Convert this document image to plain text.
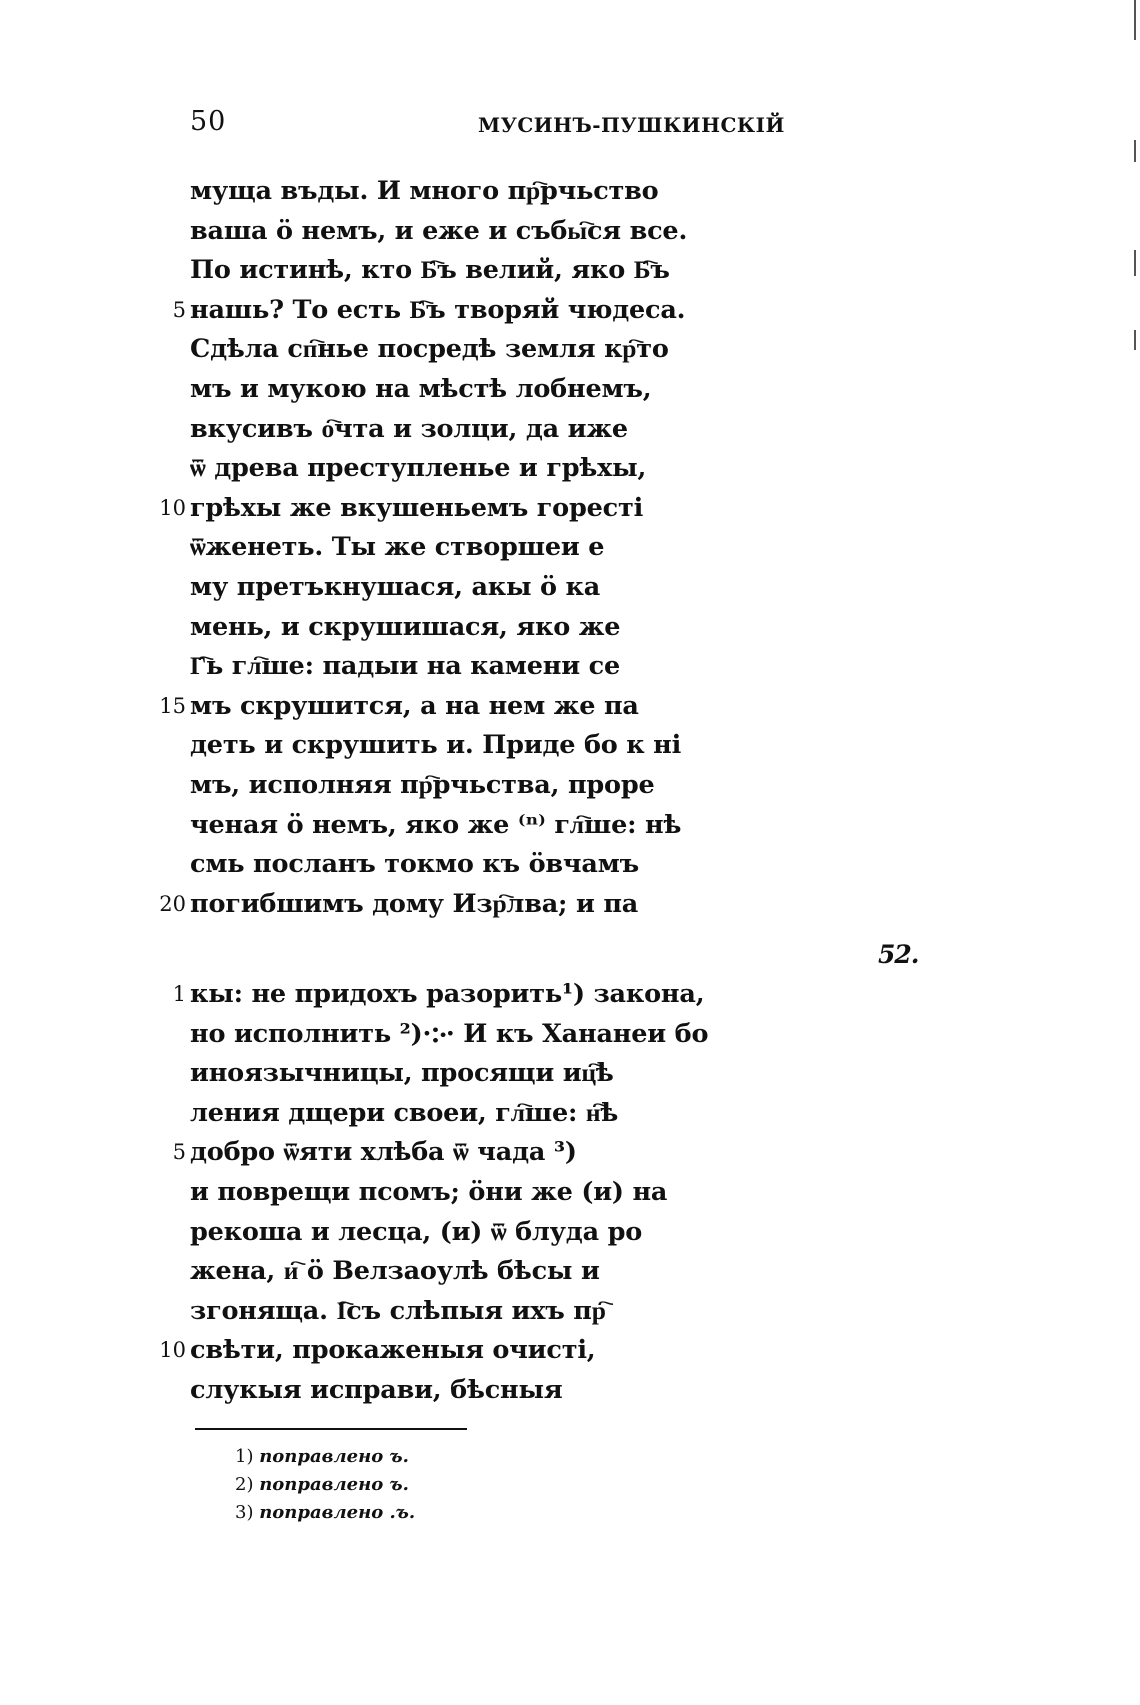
50	МУСИНЪ-ПУШКИНСКІЙ
муща въды. И много пр҇рчьство
ваша ӧ немъ, и еже и събы҇ся все.
По истинѣ, кто Б҇ъ велий, яко Б҇ъ
5 нашь? То есть Б҇ъ творяй чюдеса.
Сдѣла сп҇нье посредѣ земля кр҇то
мъ и мукою на мѣстѣ лобнемъ,
вкусивъ о҇чта и золци, да иже
ѿ древа преступленье и грѣхы,
10 грѣхы же вкушеньемъ горесті
ѿженеть. Ты же створшеи е
му претъкнушася, акы ӧ ка
мень, и скрушишася, яко же
Г҇ь гл҇ше: падыи на камени се
15 мъ скрушится, а на нем же па
деть и скрушить и. Приде бо к ні
мъ, исполняя пр҇рчьства, проре
ченая ӧ немъ, яко же ⁽ⁿ⁾ гл҇ше: нѣ
смь посланъ токмо къ ӧвчамъ
20 погибшимъ дому Изр҇лва; и па
52.
1 кы: не придохъ разорить¹) закона,
но исполнить ²)·჻· И къ Хананеи бо
иноязычницы, просящи иц҇ѣ
ления дщери своеи, гл҇ше: н҇ѣ
5 добро ѿяти хлѣба ѿ чада ³)
и поврещи псомъ; ӧни же (и) на
рекоша и лесца, (и) ѿ блуда ро
жена, и҇ ӧ Велзаоулѣ бѣсы и
згоняща. І҇съ слѣпыя ихъ пр҇
10 свѣти, прокаженыя очисті,
слукыя исправи, бѣсныя
1) поправлено ъ.
2) поправлено ъ.
3) поправлено .ъ.
